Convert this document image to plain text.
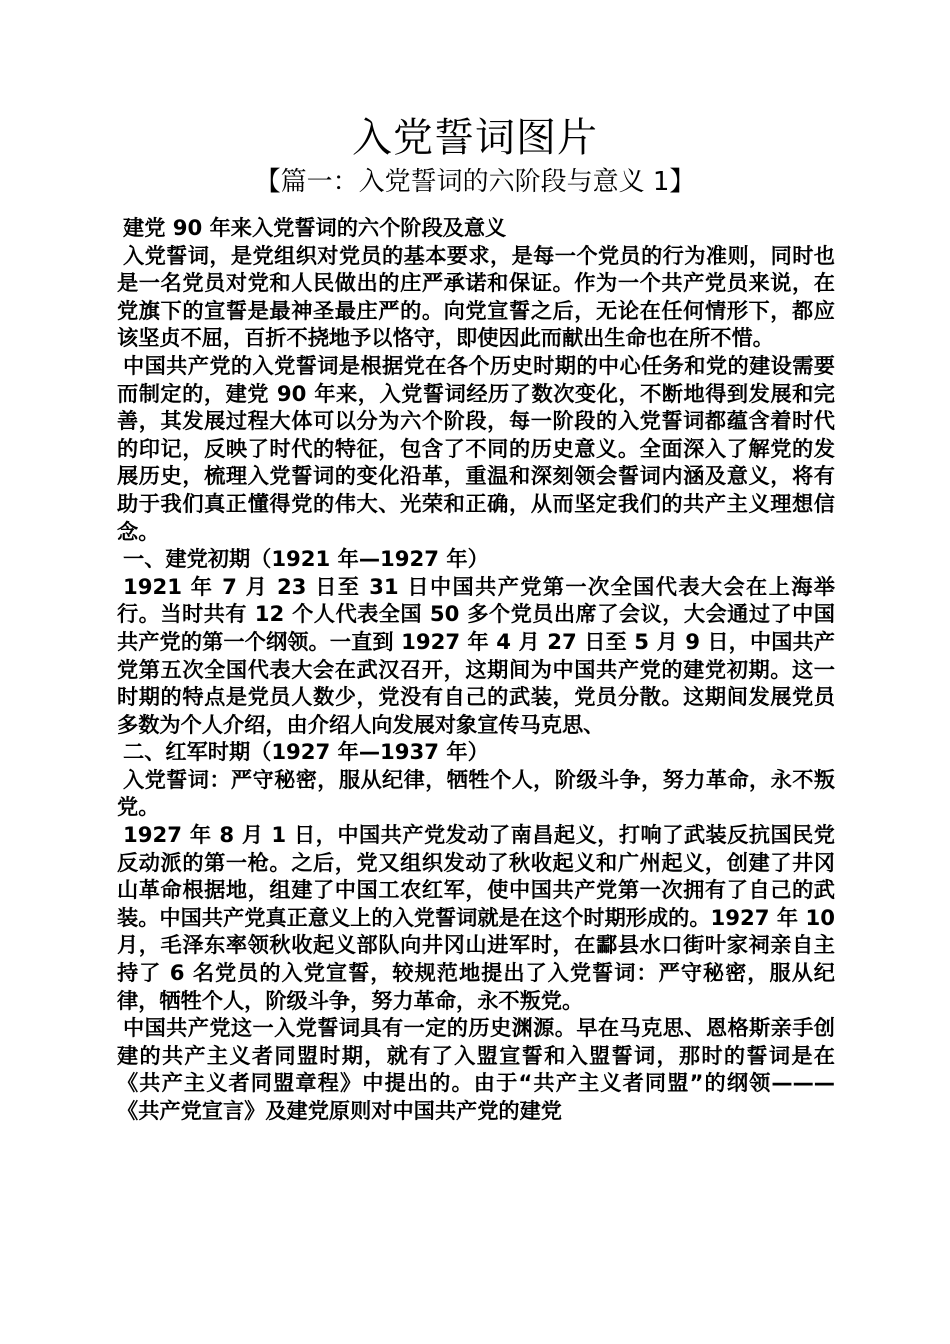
入党誓词图片
【篇一：入党誓词的六阶段与意义 1】

建党 90 年来入党誓词的六个阶段及意义

入党誓词，是党组织对党员的基本要求，是每一个党员的行为准则，同时也是一名党员对党和人民做出的庄严承诺和保证。作为一个共产党员来说，在党旗下的宣誓是最神圣最庄严的。向党宣誓之后，无论在任何情形下，都应该坚贞不屈，百折不挠地予以恪守，即使因此而献出生命也在所不惜。

中国共产党的入党誓词是根据党在各个历史时期的中心任务和党的建设需要而制定的，建党 90 年来，入党誓词经历了数次变化，不断地得到发展和完善，其发展过程大体可以分为六个阶段，每一阶段的入党誓词都蕴含着时代的印记，反映了时代的特征，包含了不同的历史意义。全面深入了解党的发展历史，梳理入党誓词的变化沿革，重温和深刻领会誓词内涵及意义，将有助于我们真正懂得党的伟大、光荣和正确，从而坚定我们的共产主义理想信念。

一、建党初期（1921 年—1927 年）

1921 年 7 月 23 日至 31 日中国共产党第一次全国代表大会在上海举行。当时共有 12 个人代表全国 50 多个党员出席了会议，大会通过了中国共产党的第一个纲领。一直到 1927 年 4 月 27 日至 5 月 9 日，中国共产党第五次全国代表大会在武汉召开，这期间为中国共产党的建党初期。这一时期的特点是党员人数少，党没有自己的武装，党员分散。这期间发展党员多数为个人介绍，由介绍人向发展对象宣传马克思、

二、红军时期（1927 年—1937 年）

入党誓词：严守秘密，服从纪律，牺牲个人，阶级斗争，努力革命，永不叛党。

1927 年 8 月 1 日，中国共产党发动了南昌起义，打响了武装反抗国民党反动派的第一枪。之后，党又组织发动了秋收起义和广州起义，创建了井冈山革命根据地，组建了中国工农红军，使中国共产党第一次拥有了自己的武装。中国共产党真正意义上的入党誓词就是在这个时期形成的。1927 年 10 月，毛泽东率领秋收起义部队向井冈山进军时，在酃县水口街叶家祠亲自主持了 6 名党员的入党宣誓，较规范地提出了入党誓词：严守秘密，服从纪律，牺牲个人，阶级斗争，努力革命，永不叛党。

中国共产党这一入党誓词具有一定的历史渊源。早在马克思、恩格斯亲手创建的共产主义者同盟时期，就有了入盟宣誓和入盟誓词，那时的誓词是在《共产主义者同盟章程》中提出的。由于“共产主义者同盟”的纲领———《共产党宣言》及建党原则对中国共产党的建党
